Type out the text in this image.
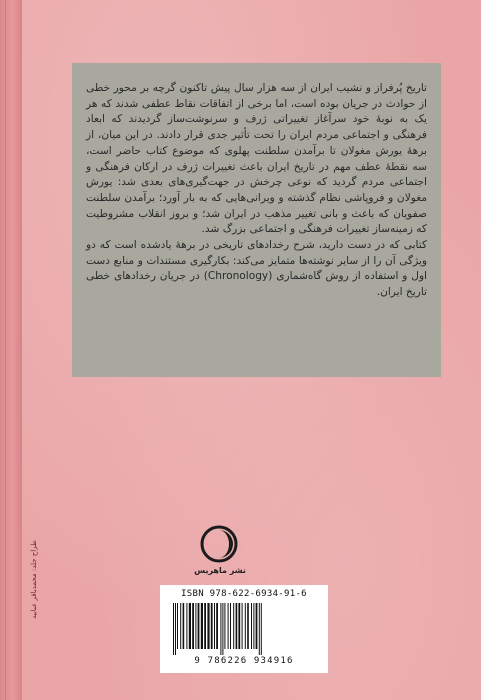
تاریخ پُرفراز و نشیب ایران از سه هزار سال پیش تاکنون گرچه بر محور خطی از حوادث در جریان بوده است، اما برخی از اتفاقات نقاط عطفی شدند که هر یک به نوبۀ خود سرآغاز تغییراتی ژرف و سرنوشت‌ساز گردیدند که ابعاد فرهنگی و اجتماعی مردم ایران را تحت تأثیر جدی قرار دادند. در این میان، از برهۀ یورش مغولان تا برآمدن سلطنت پهلوی که موضوع کتاب حاضر است، سه نقطۀ عطف مهم در تاریخ ایران باعث تغییرات ژرف در ارکان فرهنگی و اجتماعی مردم گردید که نوعی چرخش در جهت‌گیری‌های بعدی شد: یورش مغولان و فروپاشی نظام گذشته و ویرانی‌هایی که به بار آورد؛ برآمدن سلطنت صفویان که باعث و بانی تغییر مذهب در ایران شد؛ و بروز انقلاب مشروطیت که زمینه‌ساز تغییرات فرهنگی و اجتماعی بزرگ شد.

کتابی که در دست دارید، شرح رخدادهای تاریخی در برهۀ یادشده است که دو ویژگی آن را از سایر نوشته‌ها متمایز می‌کند: بکارگیری مستندات و منابع دست اول و استفاده از روش گاه‌شماری (Chronology) در جریان رخدادهای خطی تاریخ ایران.

نشر ماهریس
ISBN 978-622-6934-91-6
9 786226 934916
طراح جلد: محمدباقر عبابید
